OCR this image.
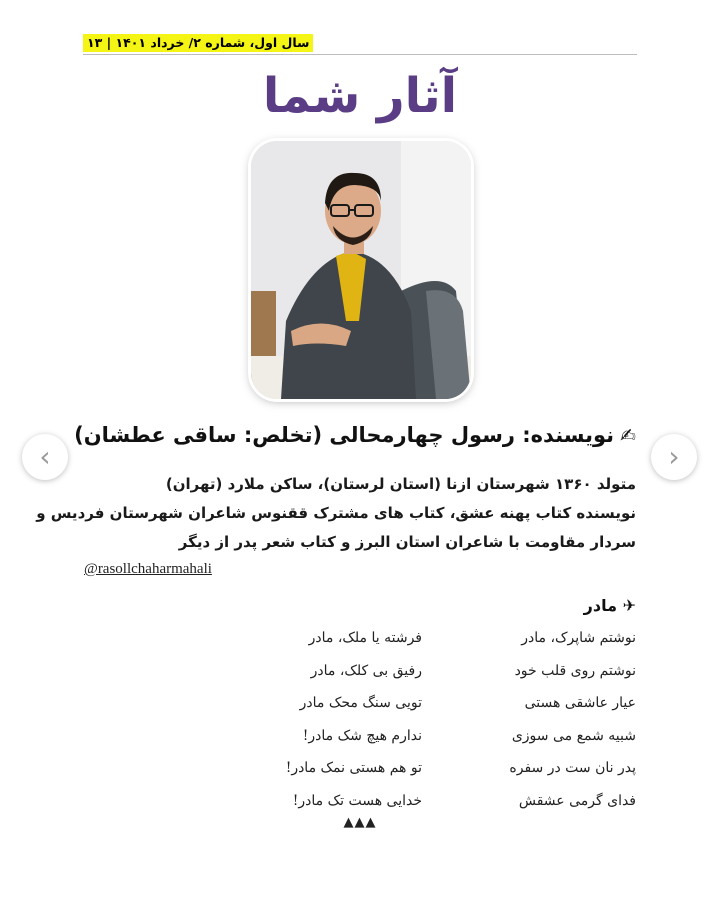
سال اول، شماره ۲/ خرداد ۱۴۰۱ | ۱۳
آثار شما
‹	›
✍نویسنده: رسول چهارمحالی (تخلص: ساقی عطشان)
متولد ۱۳۶۰ شهرستان ازنا (استان لرستان)، ساکن ملارد (تهران)
نویسنده کتاب پهنه عشق، کتاب های مشترک ققنوس شاعران شهرستان فردیس و
سردار مقاومت با شاعران استان البرز و کتاب شعر پدر از دیگر
@rasollchaharmahali
✈ مادر
نوشتم شاپرک، مادر
نوشتم روی قلب خود
عیار عاشقی هستی
شبیه شمع می سوزی
پدر نان ست در سفره
فدای گرمی عشقش
فرشته یا ملک، مادر
رفیق بی کلک، مادر
تویی سنگ محک مادر
ندارم هیچ شک مادر!
تو هم هستی نمک مادر!
خدایی هست تک مادر!
▲▲▲
